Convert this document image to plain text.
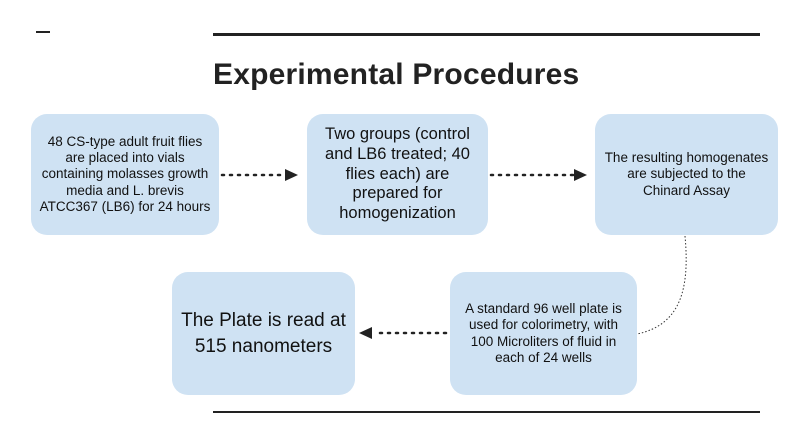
Experimental Procedures
48 CS-type adult fruit flies are placed into vials containing molasses growth media and L. brevis ATCC367 (LB6) for 24 hours
Two groups (control and LB6 treated; 40 flies each) are prepared for homogenization
The resulting homogenates are subjected to the Chinard Assay
A standard 96 well plate is used for colorimetry, with 100 Microliters of fluid in each of 24 wells
The Plate is read at 515 nanometers
